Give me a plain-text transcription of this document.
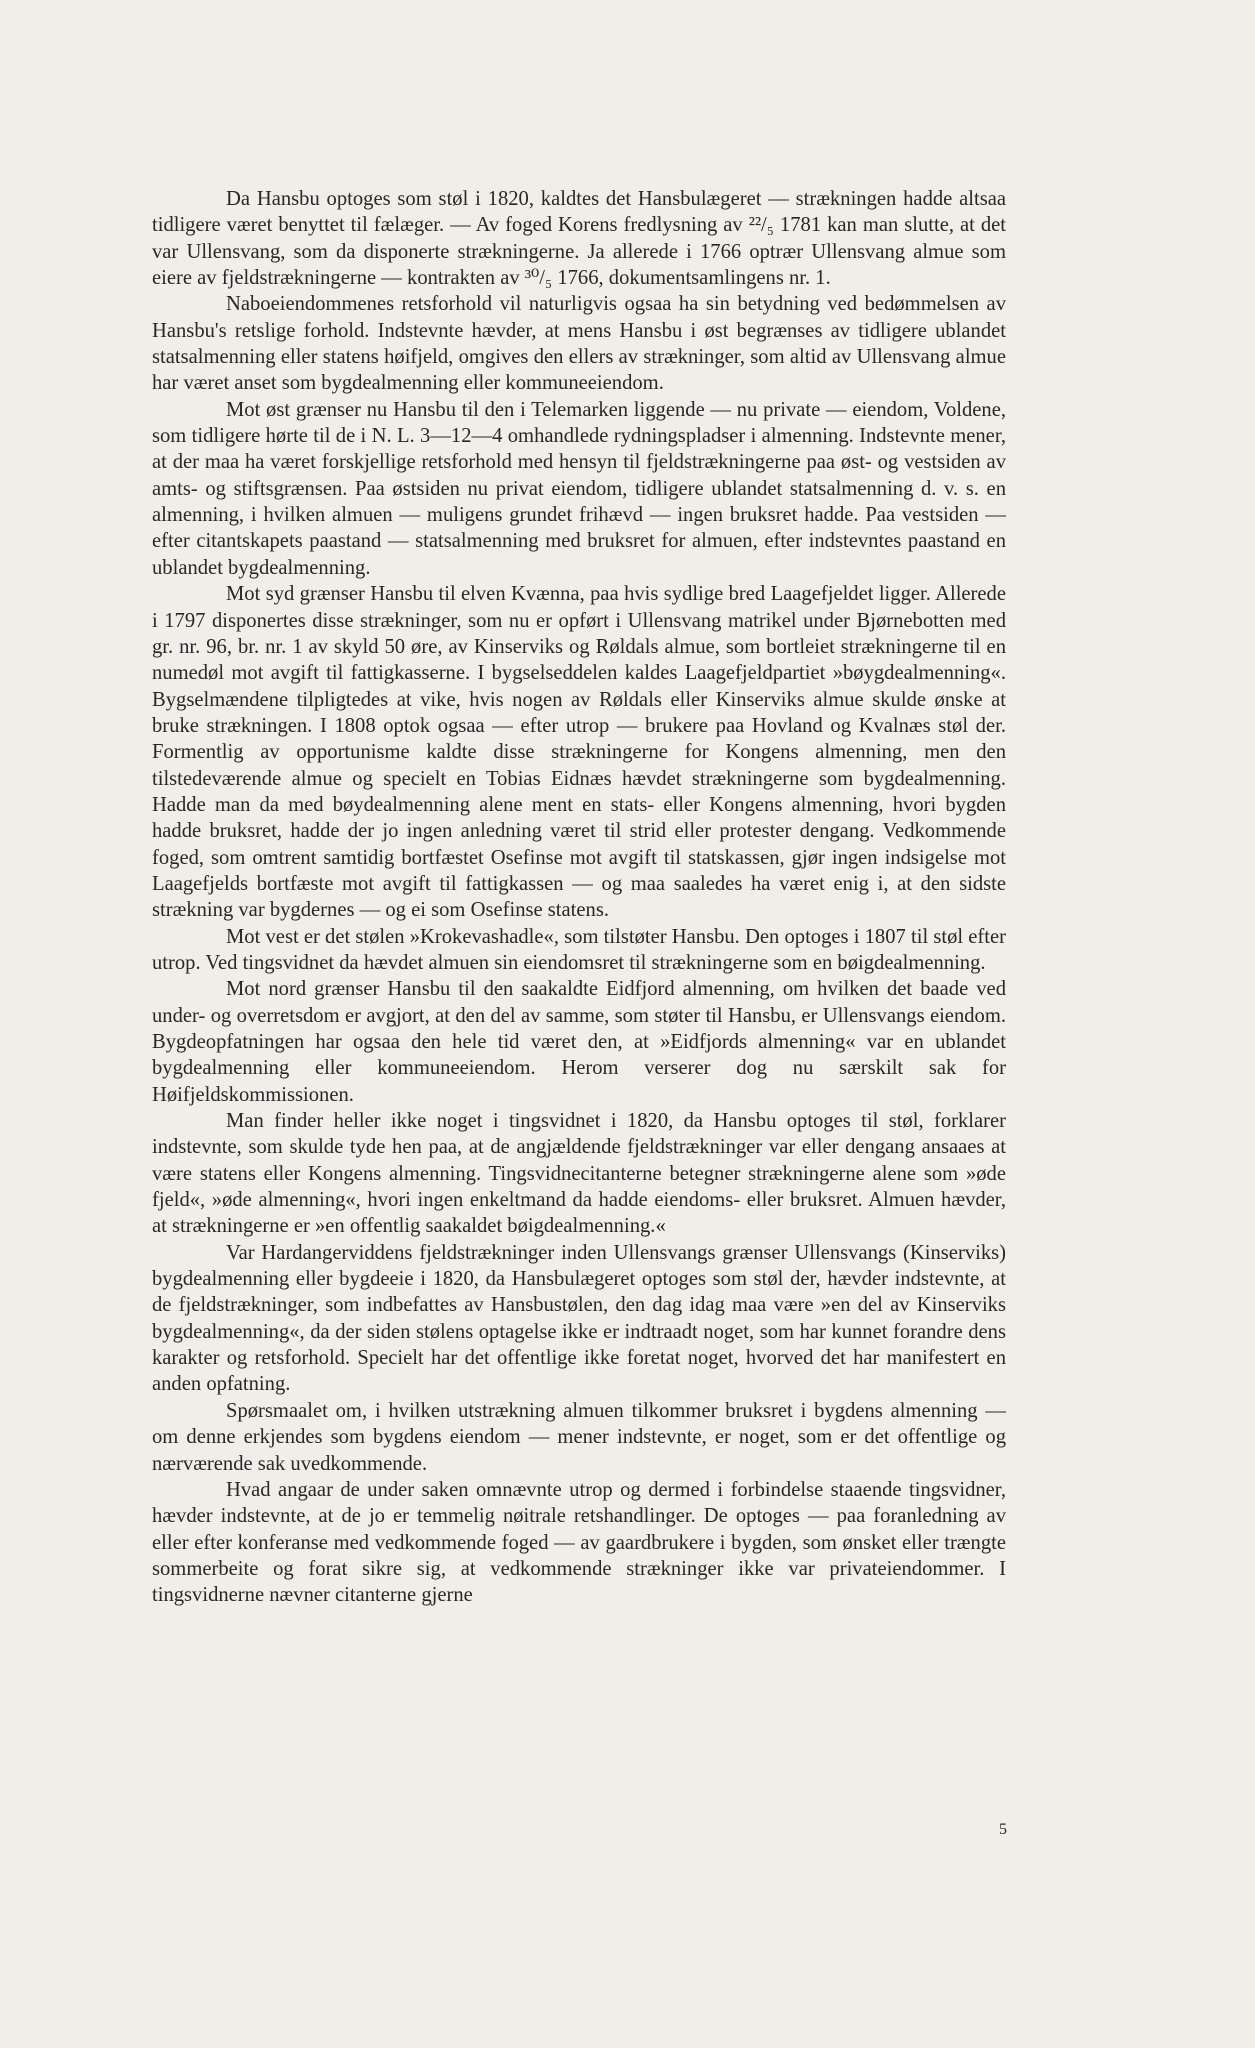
Da Hansbu optoges som støl i 1820, kaldtes det Hansbulægeret — strækningen hadde altsaa tidligere været benyttet til fælæger. — Av foged Korens fredlysning av ²²/₅ 1781 kan man slutte, at det var Ullensvang, som da disponerte strækningerne. Ja allerede i 1766 optrær Ullensvang almue som eiere av fjeldstrækningerne — kontrakten av ³⁰/₅ 1766, dokumentsamlingens nr. 1.

Naboeiendommenes retsforhold vil naturligvis ogsaa ha sin betydning ved bedømmelsen av Hansbu's retslige forhold. Indstevnte hævder, at mens Hansbu i øst begrænses av tidligere ublandet statsalmenning eller statens høifjeld, omgives den ellers av strækninger, som altid av Ullensvang almue har været anset som bygdealmenning eller kommuneeiendom.

Mot øst grænser nu Hansbu til den i Telemarken liggende — nu private — eiendom, Voldene, som tidligere hørte til de i N. L. 3—12—4 omhandlede rydningspladser i almenning. Indstevnte mener, at der maa ha været forskjellige retsforhold med hensyn til fjeldstrækningerne paa øst- og vestsiden av amts- og stiftsgrænsen. Paa østsiden nu privat eiendom, tidligere ublandet statsalmenning d. v. s. en almenning, i hvilken almuen — muligens grundet frihævd — ingen bruksret hadde. Paa vestsiden — efter citantskapets paastand — statsalmenning med bruksret for almuen, efter indstevntes paastand en ublandet bygdealmenning.

Mot syd grænser Hansbu til elven Kvænna, paa hvis sydlige bred Laagefjeldet ligger. Allerede i 1797 disponertes disse strækninger, som nu er opført i Ullensvang matrikel under Bjørnebotten med gr. nr. 96, br. nr. 1 av skyld 50 øre, av Kinserviks og Røldals almue, som bortleiet strækningerne til en numedøl mot avgift til fattigkasserne. I bygselseddelen kaldes Laagefjeldpartiet »bøygdealmenning«. Bygselmændene tilpligtedes at vike, hvis nogen av Røldals eller Kinserviks almue skulde ønske at bruke strækningen. I 1808 optok ogsaa — efter utrop — brukere paa Hovland og Kvalnæs støl der. Formentlig av opportunisme kaldte disse strækningerne for Kongens almenning, men den tilstedeværende almue og specielt en Tobias Eidnæs hævdet strækningerne som bygdealmenning. Hadde man da med bøydealmenning alene ment en stats- eller Kongens almenning, hvori bygden hadde bruksret, hadde der jo ingen anledning været til strid eller protester dengang. Vedkommende foged, som omtrent samtidig bortfæstet Osefinse mot avgift til statskassen, gjør ingen indsigelse mot Laagefjelds bortfæste mot avgift til fattigkassen — og maa saaledes ha været enig i, at den sidste strækning var bygdernes — og ei som Osefinse statens.

Mot vest er det stølen »Krokevashadle«, som tilstøter Hansbu. Den optoges i 1807 til støl efter utrop. Ved tingsvidnet da hævdet almuen sin eiendomsret til strækningerne som en bøigdealmenning.

Mot nord grænser Hansbu til den saakaldte Eidfjord almenning, om hvilken det baade ved under- og overretsdom er avgjort, at den del av samme, som støter til Hansbu, er Ullensvangs eiendom. Bygdeopfatningen har ogsaa den hele tid været den, at »Eidfjords almenning« var en ublandet bygdealmenning eller kommuneeiendom. Herom verserer dog nu særskilt sak for Høifjeldskommissionen.

Man finder heller ikke noget i tingsvidnet i 1820, da Hansbu optoges til støl, forklarer indstevnte, som skulde tyde hen paa, at de angjældende fjeldstrækninger var eller dengang ansaaes at være statens eller Kongens almenning. Tingsvidnecitanterne betegner strækningerne alene som »øde fjeld«, »øde almenning«, hvori ingen enkeltmand da hadde eiendoms- eller bruksret. Almuen hævder, at strækningerne er »en offentlig saakaldet bøigdealmenning.«

Var Hardangerviddens fjeldstrækninger inden Ullensvangs grænser Ullensvangs (Kinserviks) bygdealmenning eller bygdeeie i 1820, da Hansbulægeret optoges som støl der, hævder indstevnte, at de fjeldstrækninger, som indbefattes av Hansbustølen, den dag idag maa være »en del av Kinserviks bygdealmenning«, da der siden stølens optagelse ikke er indtraadt noget, som har kunnet forandre dens karakter og retsforhold. Specielt har det offentlige ikke foretat noget, hvorved det har manifestert en anden opfatning.

Spørsmaalet om, i hvilken utstrækning almuen tilkommer bruksret i bygdens almenning — om denne erkjendes som bygdens eiendom — mener indstevnte, er noget, som er det offentlige og nærværende sak uvedkommende.

Hvad angaar de under saken omnævnte utrop og dermed i forbindelse staaende tingsvidner, hævder indstevnte, at de jo er temmelig nøitrale retshandlinger. De optoges — paa foranledning av eller efter konferanse med vedkommende foged — av gaardbrukere i bygden, som ønsket eller trængte sommerbeite og forat sikre sig, at vedkommende strækninger ikke var privateiendommer. I tingsvidnerne nævner citanterne gjerne

5
